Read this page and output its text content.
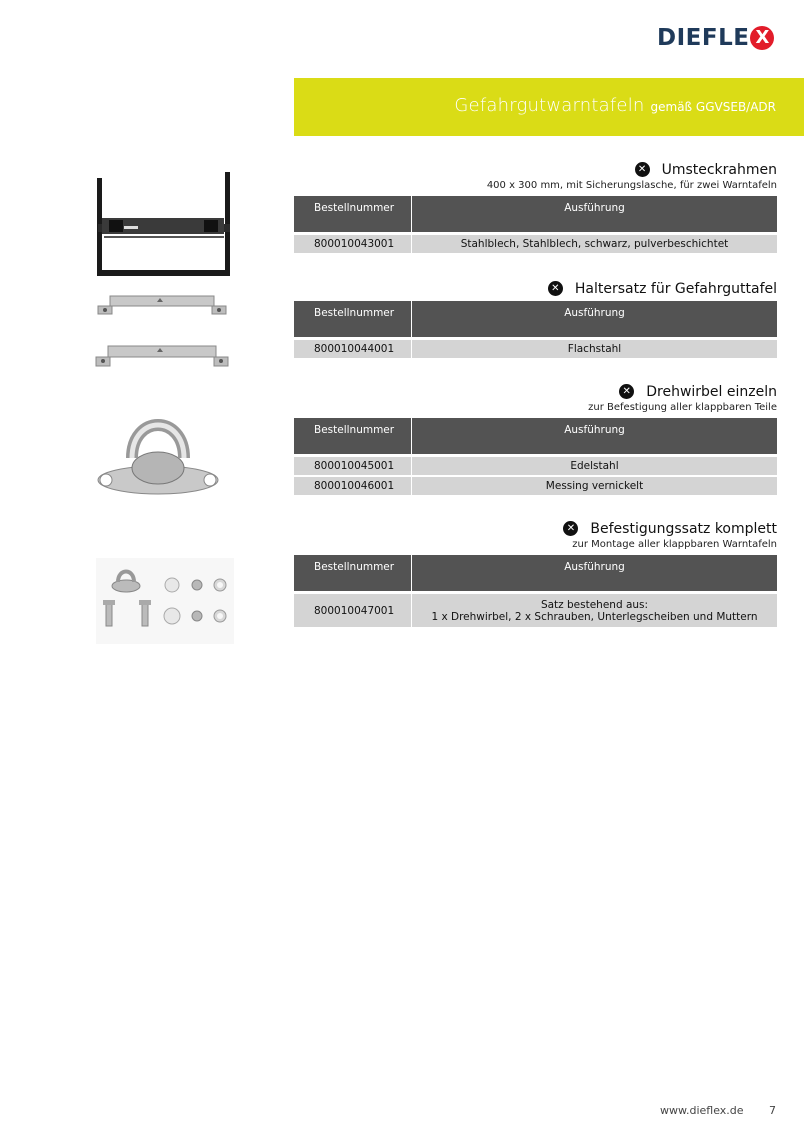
DIEFLE X
Gefahrgutwarntafeln gemäß GGVSEB/ADR
✕ Umsteckrahmen
400 x 300 mm, mit Sicherungslasche, für zwei Warntafeln
Bestellnummer	Ausführung
800010043001	Stahlblech, Stahlblech, schwarz, pulverbeschichtet
✕ Haltersatz für Gefahrguttafel
Bestellnummer	Ausführung
800010044001	Flachstahl
✕ Drehwirbel einzeln
zur Befestigung aller klappbaren Teile
Bestellnummer	Ausführung
800010045001	Edelstahl
800010046001	Messing vernickelt
✕ Befestigungssatz komplett
zur Montage aller klappbaren Warntafeln
Bestellnummer	Ausführung
800010047001	Satz bestehend aus:
1 x Drehwirbel, 2 x Schrauben, Unterlegscheiben und Muttern
www.dieflex.de 7
